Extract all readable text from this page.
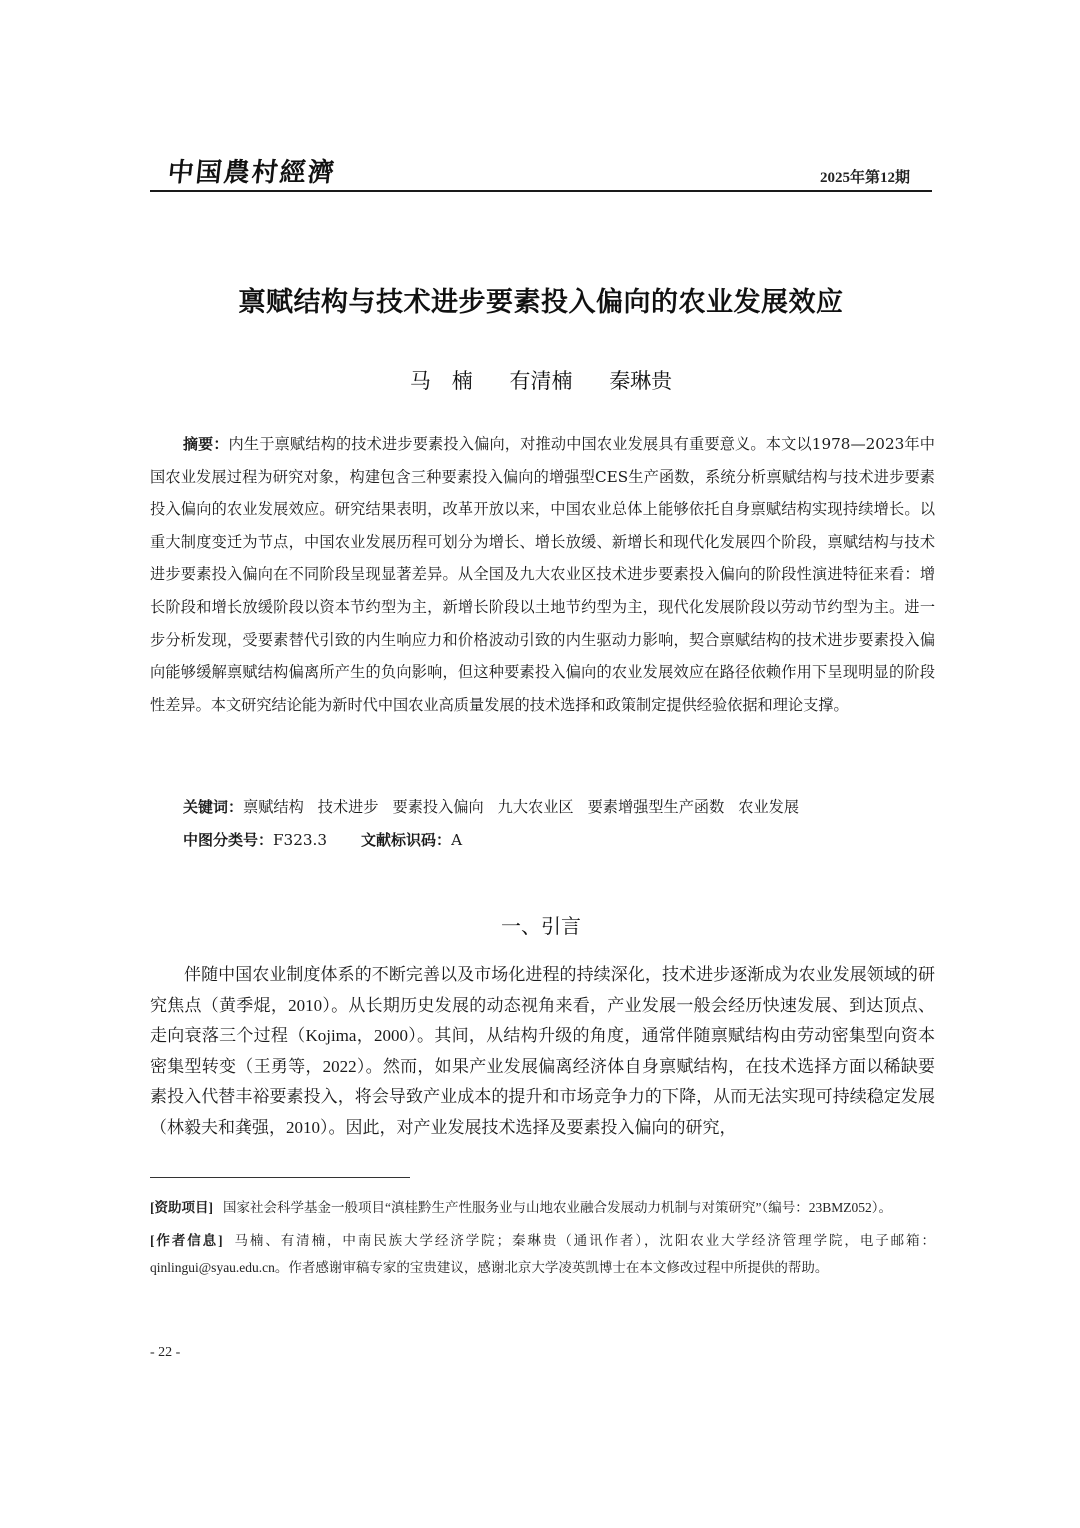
中国農村經濟	2025年第12期
禀赋结构与技术进步要素投入偏向的农业发展效应
马　楠 有清楠 秦琳贵
摘要：内生于禀赋结构的技术进步要素投入偏向，对推动中国农业发展具有重要意义。本文以1978—2023年中国农业发展过程为研究对象，构建包含三种要素投入偏向的增强型CES生产函数，系统分析禀赋结构与技术进步要素投入偏向的农业发展效应。研究结果表明，改革开放以来，中国农业总体上能够依托自身禀赋结构实现持续增长。以重大制度变迁为节点，中国农业发展历程可划分为增长、增长放缓、新增长和现代化发展四个阶段，禀赋结构与技术进步要素投入偏向在不同阶段呈现显著差异。从全国及九大农业区技术进步要素投入偏向的阶段性演进特征来看：增长阶段和增长放缓阶段以资本节约型为主，新增长阶段以土地节约型为主，现代化发展阶段以劳动节约型为主。进一步分析发现，受要素替代引致的内生响应力和价格波动引致的内生驱动力影响，契合禀赋结构的技术进步要素投入偏向能够缓解禀赋结构偏离所产生的负向影响，但这种要素投入偏向的农业发展效应在路径依赖作用下呈现明显的阶段性差异。本文研究结论能为新时代中国农业高质量发展的技术选择和政策制定提供经验依据和理论支撑。
关键词：禀赋结构 技术进步 要素投入偏向 九大农业区 要素增强型生产函数 农业发展
中图分类号：F323.3 文献标识码：A
一、引言
伴随中国农业制度体系的不断完善以及市场化进程的持续深化，技术进步逐渐成为农业发展领域的研究焦点（黄季焜，2010）。从长期历史发展的动态视角来看，产业发展一般会经历快速发展、到达顶点、走向衰落三个过程（Kojima，2000）。其间，从结构升级的角度，通常伴随禀赋结构由劳动密集型向资本密集型转变（王勇等，2022）。然而，如果产业发展偏离经济体自身禀赋结构，在技术选择方面以稀缺要素投入代替丰裕要素投入，将会导致产业成本的提升和市场竞争力的下降，从而无法实现可持续稳定发展（林毅夫和龚强，2010）。因此，对产业发展技术选择及要素投入偏向的研究，
[资助项目] 国家社会科学基金一般项目“滇桂黔生产性服务业与山地农业融合发展动力机制与对策研究”（编号：23BMZ052）。
[作者信息] 马楠、有清楠，中南民族大学经济学院；秦琳贵（通讯作者），沈阳农业大学经济管理学院，电子邮箱：qinlingui@syau.edu.cn。作者感谢审稿专家的宝贵建议，感谢北京大学凌英凯博士在本文修改过程中所提供的帮助。
- 22 -
